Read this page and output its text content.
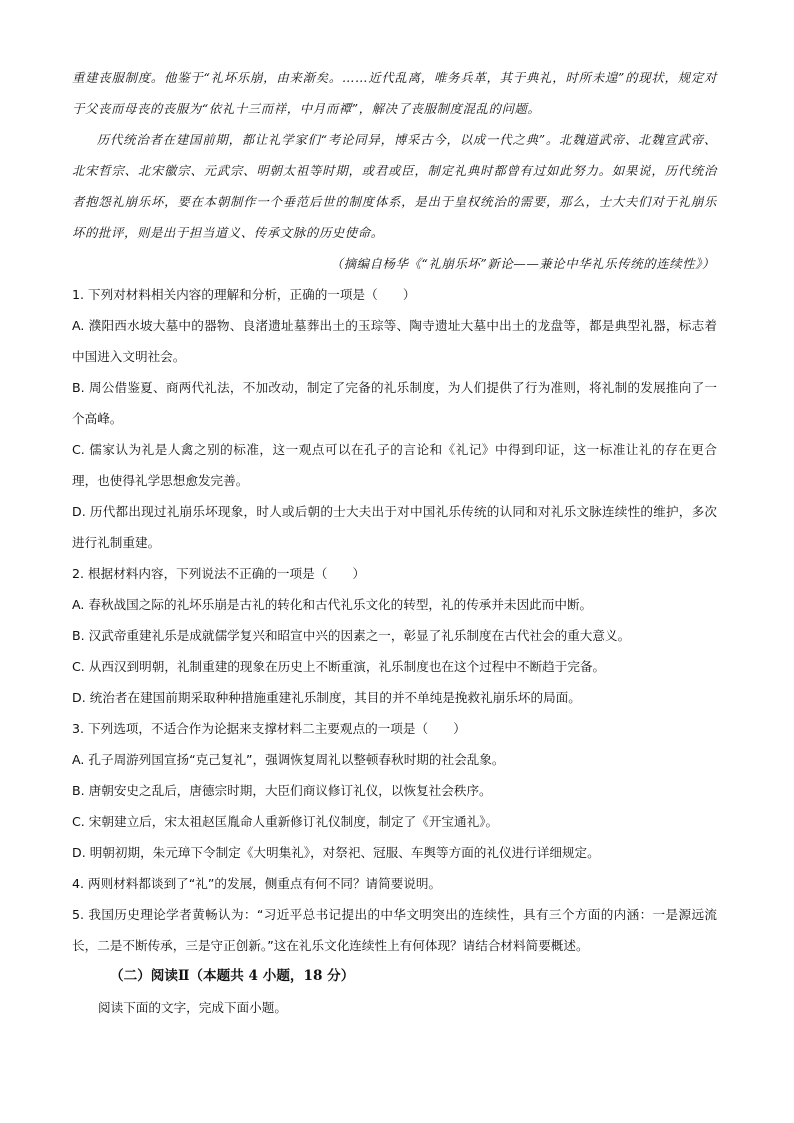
重建丧服制度。他鉴于“礼坏乐崩，由来渐矣。……近代乱离，唯务兵革，其于典礼，时所未遑”的现状，规定对于父丧而母丧的丧服为“依礼十三而祥，中月而禫”，解决了丧服制度混乱的问题。

历代统治者在建国前期，都让礼学家们“考论同异，博采古今，以成一代之典”。北魏道武帝、北魏宣武帝、北宋哲宗、北宋徽宗、元武宗、明朝太祖等时期，或君或臣，制定礼典时都曾有过如此努力。如果说，历代统治者抱怨礼崩乐坏，要在本朝制作一个垂范后世的制度体系，是出于皇权统治的需要，那么，士大夫们对于礼崩乐坏的批评，则是出于担当道义、传承文脉的历史使命。

（摘编自杨华《“礼崩乐坏”新论——兼论中华礼乐传统的连续性》）

1. 下列对材料相关内容的理解和分析，正确的一项是（　　）

A. 濮阳西水坡大墓中的器物、良渚遗址墓葬出土的玉琮等、陶寺遗址大墓中出土的龙盘等，都是典型礼器，标志着中国进入文明社会。

B. 周公借鉴夏、商两代礼法，不加改动，制定了完备的礼乐制度，为人们提供了行为准则，将礼制的发展推向了一个高峰。

C. 儒家认为礼是人禽之别的标准，这一观点可以在孔子的言论和《礼记》中得到印证，这一标准让礼的存在更合理，也使得礼学思想愈发完善。

D. 历代都出现过礼崩乐坏现象，时人或后朝的士大夫出于对中国礼乐传统的认同和对礼乐文脉连续性的维护，多次进行礼制重建。

2. 根据材料内容，下列说法不正确的一项是（　　）

A. 春秋战国之际的礼坏乐崩是古礼的转化和古代礼乐文化的转型，礼的传承并未因此而中断。

B. 汉武帝重建礼乐是成就儒学复兴和昭宣中兴的因素之一，彰显了礼乐制度在古代社会的重大意义。

C. 从西汉到明朝，礼制重建的现象在历史上不断重演，礼乐制度也在这个过程中不断趋于完备。

D. 统治者在建国前期采取种种措施重建礼乐制度，其目的并不单纯是挽救礼崩乐坏的局面。

3. 下列选项，不适合作为论据来支撑材料二主要观点的一项是（　　）

A. 孔子周游列国宣扬“克己复礼”，强调恢复周礼以整顿春秋时期的社会乱象。

B. 唐朝安史之乱后，唐德宗时期，大臣们商议修订礼仪，以恢复社会秩序。

C. 宋朝建立后，宋太祖赵匡胤命人重新修订礼仪制度，制定了《开宝通礼》。

D. 明朝初期，朱元璋下令制定《大明集礼》，对祭祀、冠服、车舆等方面的礼仪进行详细规定。

4. 两则材料都谈到了“礼”的发展，侧重点有何不同？请简要说明。

5. 我国历史理论学者黄畅认为：“习近平总书记提出的中华文明突出的连续性，具有三个方面的内涵：一是源远流长，二是不断传承，三是守正创新。”这在礼乐文化连续性上有何体现？请结合材料简要概述。

（二）阅读Ⅱ（本题共 4 小题，18 分）
阅读下面的文字，完成下面小题。
